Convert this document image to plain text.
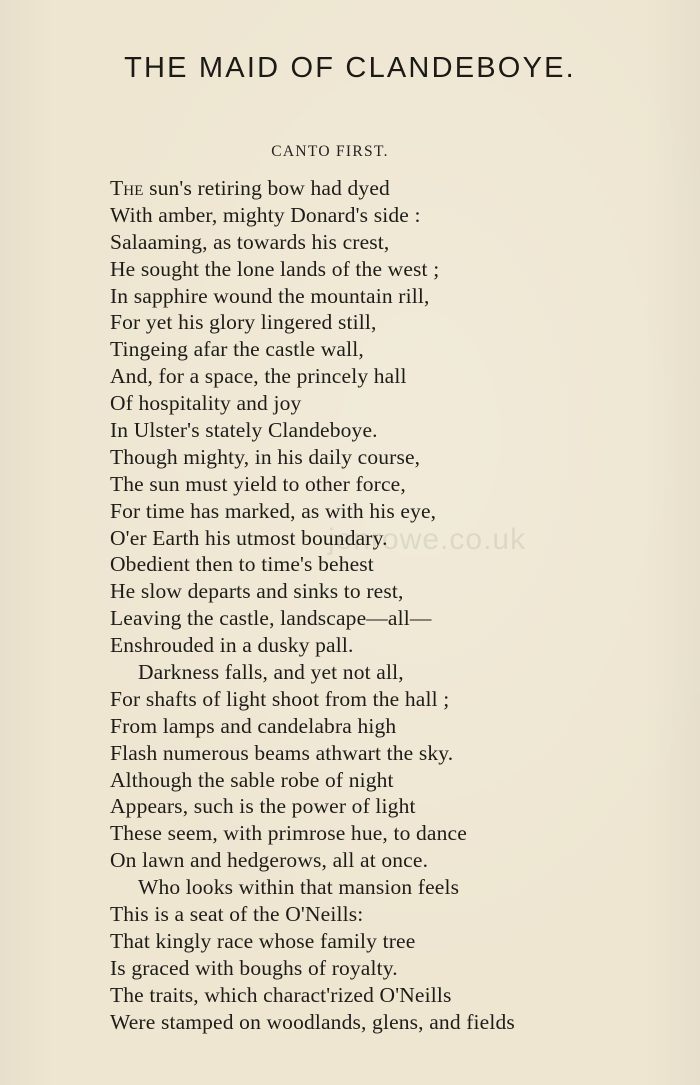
THE MAID OF CLANDEBOYE.
CANTO FIRST.
jenrowe.co.uk
The sun's retiring bow had dyed
With amber, mighty Donard's side :
Salaaming, as towards his crest,
He sought the lone lands of the west ;
In sapphire wound the mountain rill,
For yet his glory lingered still,
Tingeing afar the castle wall,
And, for a space, the princely hall
Of hospitality and joy
In Ulster's stately Clandeboye.
Though mighty, in his daily course,
The sun must yield to other force,
For time has marked, as with his eye,
O'er Earth his utmost boundary.
Obedient then to time's behest
He slow departs and sinks to rest,
Leaving the castle, landscape—all—
Enshrouded in a dusky pall.
Darkness falls, and yet not all,
For shafts of light shoot from the hall ;
From lamps and candelabra high
Flash numerous beams athwart the sky.
Although the sable robe of night
Appears, such is the power of light
These seem, with primrose hue, to dance
On lawn and hedgerows, all at once.
Who looks within that mansion feels
This is a seat of the O'Neills:
That kingly race whose family tree
Is graced with boughs of royalty.
The traits, which charact'rized O'Neills
Were stamped on woodlands, glens, and fields
